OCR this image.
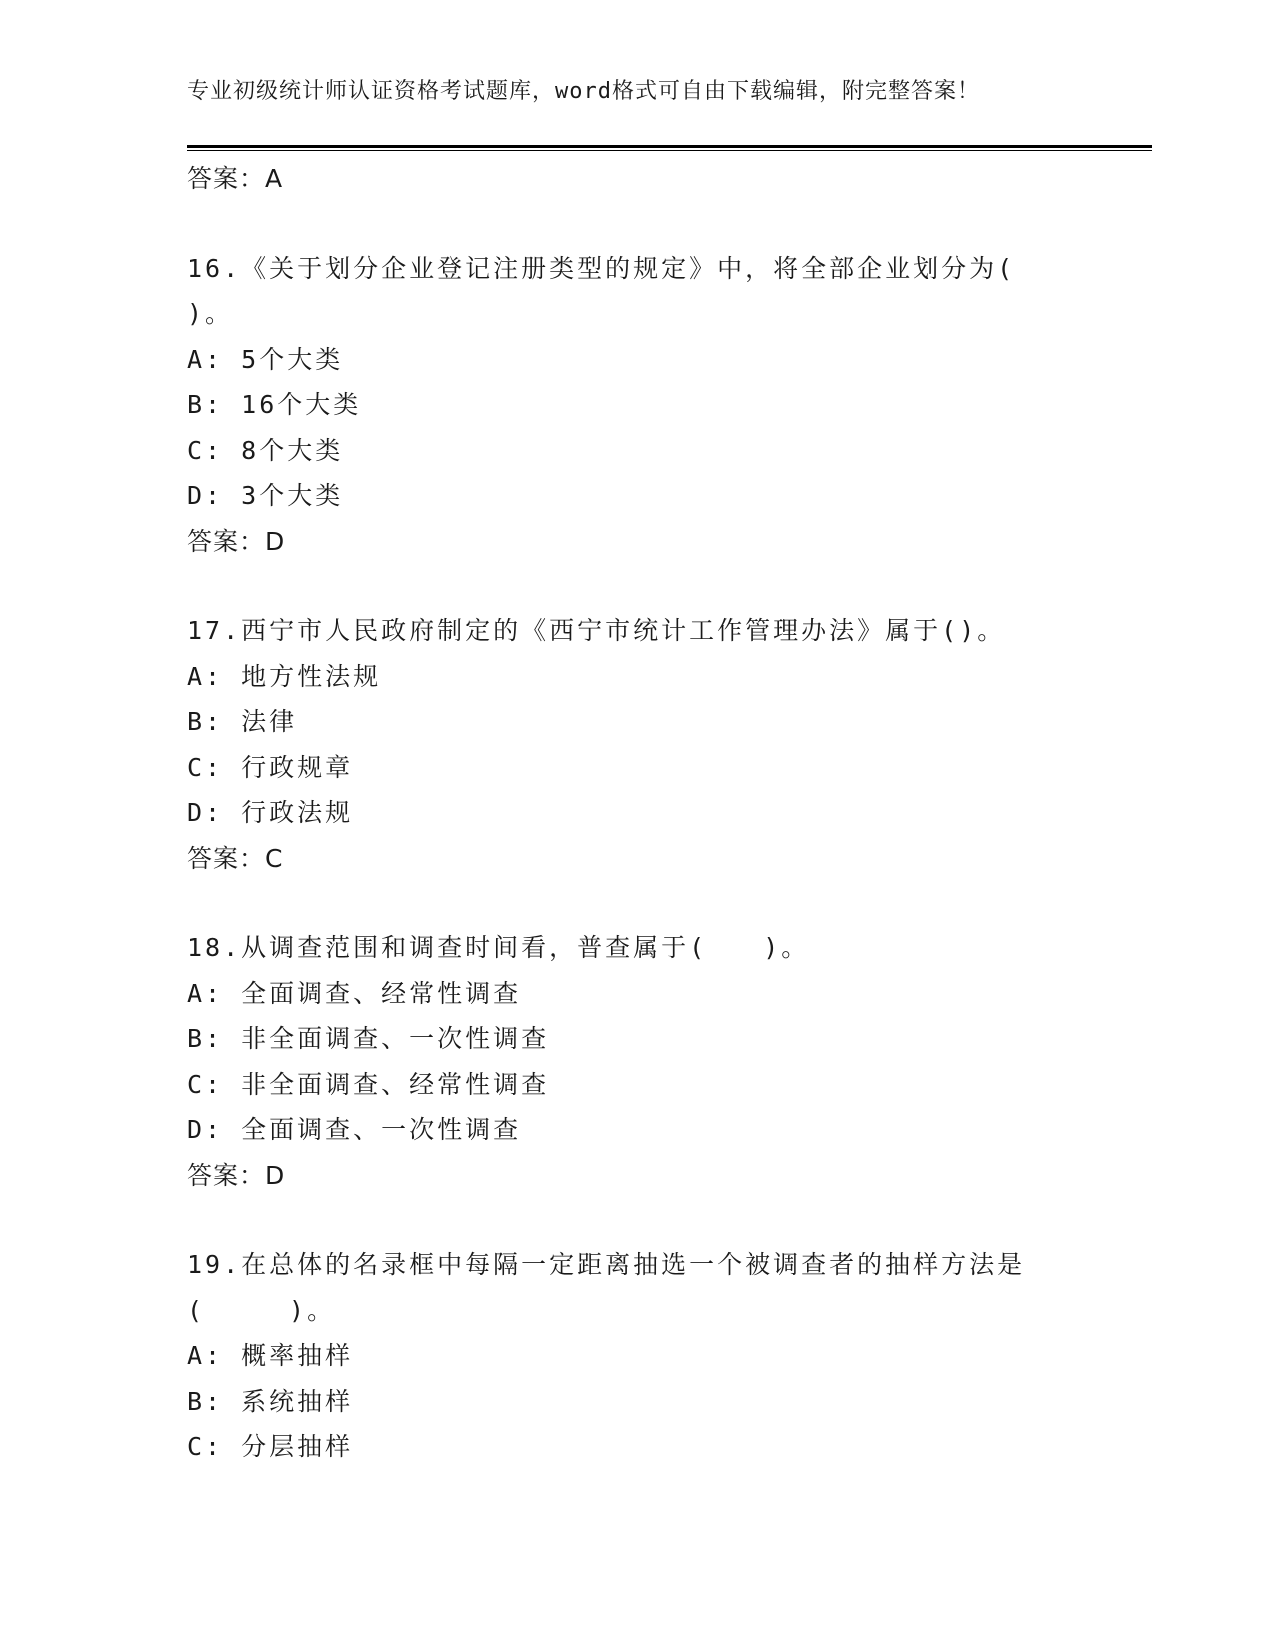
专业初级统计师认证资格考试题库，word格式可自由下载编辑，附完整答案！
答案：A
16.《关于划分企业登记注册类型的规定》中，将全部企业划分为(
)。
A: 5个大类
B: 16个大类
C: 8个大类
D: 3个大类
答案：D
17.西宁市人民政府制定的《西宁市统计工作管理办法》属于()。
A: 地方性法规
B: 法律
C: 行政规章
D: 行政法规
答案：C
18.从调查范围和调查时间看，普查属于(　　)。
A: 全面调查、经常性调查
B: 非全面调查、一次性调查
C: 非全面调查、经常性调查
D: 全面调查、一次性调查
答案：D
19.在总体的名录框中每隔一定距离抽选一个被调查者的抽样方法是
(　　　)。
A: 概率抽样
B: 系统抽样
C: 分层抽样
